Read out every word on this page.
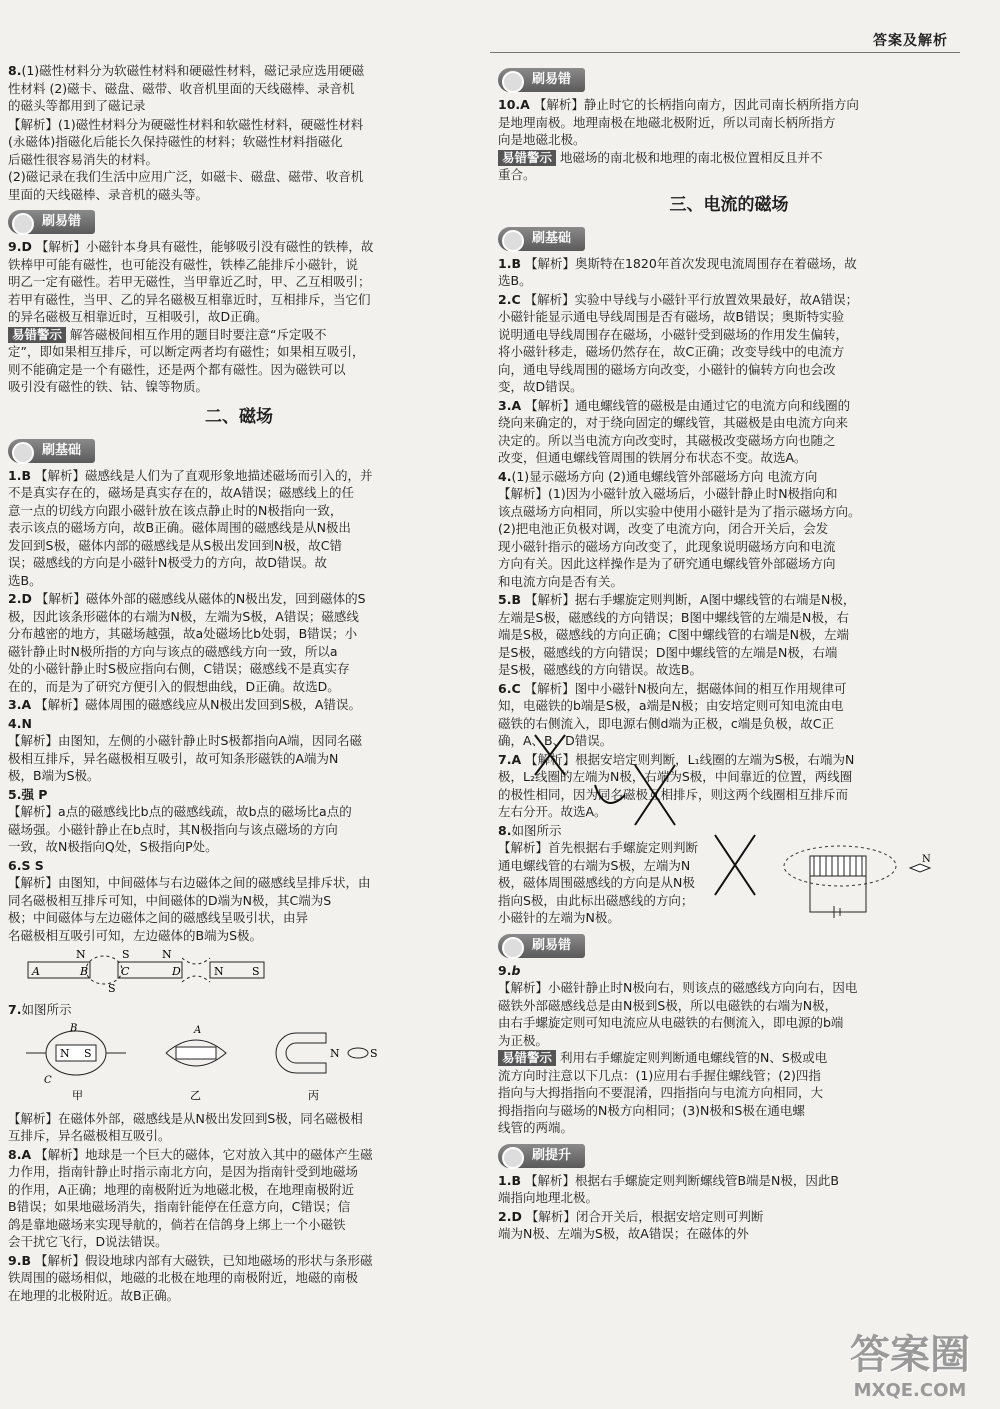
答案及解析
8.(1)磁性材料分为软磁性材料和硬磁性材料，磁记录应选用硬磁
性材料 (2)磁卡、磁盘、磁带、收音机里面的天线磁棒、录音机
的磁头等都用到了磁记录
【解析】(1)磁性材料分为硬磁性材料和软磁性材料，硬磁性材料
(永磁体)指磁化后能长久保持磁性的材料；软磁性材料指磁化
后磁性很容易消失的材料。
(2)磁记录在我们生活中应用广泛，如磁卡、磁盘、磁带、收音机
里面的天线磁棒、录音机的磁头等。
刷易错
9.D 【解析】小磁针本身具有磁性，能够吸引没有磁性的铁棒，故
铁棒甲可能有磁性，也可能没有磁性，铁棒乙能排斥小磁针，说
明乙一定有磁性。若甲无磁性，当甲靠近乙时，甲、乙互相吸引；
若甲有磁性，当甲、乙的异名磁极互相靠近时，互相排斥，当它们
的异名磁极互相靠近时，互相吸引，故D正确。
易错警示 解答磁极间相互作用的题目时要注意“斥定吸不
定”，即如果相互排斥，可以断定两者均有磁性；如果相互吸引，
则不能确定是一个有磁性，还是两个都有磁性。因为磁铁可以
吸引没有磁性的铁、钴、镍等物质。
二、磁场
刷基础
1.B 【解析】磁感线是人们为了直观形象地描述磁场而引入的，并
不是真实存在的，磁场是真实存在的，故A错误；磁感线上的任
意一点的切线方向跟小磁针放在该点静止时的N极指向一致，
表示该点的磁场方向，故B正确。磁体周围的磁感线是从N极出
发回到S极，磁体内部的磁感线是从S极出发回到N极，故C错
误；磁感线的方向是小磁针N极受力的方向，故D错误。故
选B。
2.D 【解析】磁体外部的磁感线从磁体的N极出发，回到磁体的S
极，因此该条形磁体的右端为N极，左端为S极，A错误；磁感线
分布越密的地方，其磁场越强，故a处磁场比b处弱，B错误；小
磁针静止时N极所指的方向与该点的磁感线方向一致，所以a
处的小磁针静止时S极应指向右侧，C错误；磁感线不是真实存
在的，而是为了研究方便引入的假想曲线，D正确。故选D。
3.A 【解析】磁体周围的磁感线应从N极出发回到S极，A错误。
4.N
【解析】由图知，左侧的小磁针静止时S极都指向A端，因同名磁
极相互排斥，异名磁极相互吸引，故可知条形磁铁的A端为N
极，B端为S极。
5.强 P
【解析】a点的磁感线比b点的磁感线疏，故b点的磁场比a点的
磁场强。小磁针静止在b点时，其N极指向与该点磁场的方向
一致，故N极指向Q处，S极指向P处。
6.S S
【解析】由图知，中间磁体与右边磁体之间的磁感线呈排斥状，由
同名磁极相互排斥可知，中间磁体的D端为N极，其C端为S
极；中间磁体与左边磁体之间的磁感线呈吸引状，由异
名磁极相互吸引可知，左边磁体的B端为S极。
N	S	N
A	B	C	D	N	S
S
7.如图所示
N S
B
C
甲
A
乙
N	S
丙
【解析】在磁体外部，磁感线是从N极出发回到S极，同名磁极相
互排斥，异名磁极相互吸引。
8.A 【解析】地球是一个巨大的磁体，它对放入其中的磁体产生磁
力作用，指南针静止时指示南北方向，是因为指南针受到地磁场
的作用，A正确；地理的南极附近为地磁北极，在地理南极附近
B错误；如果地磁场消失，指南针能停在任意方向，C错误；信
鸽是靠地磁场来实现导航的，倘若在信鸽身上绑上一个小磁铁
会干扰它飞行，D说法错误。
9.B 【解析】假设地球内部有大磁铁，已知地磁场的形状与条形磁
铁周围的磁场相似，地磁的北极在地理的南极附近，地磁的南极
在地理的北极附近。故B正确。
刷易错
10.A 【解析】静止时它的长柄指向南方，因此司南长柄所指方向
是地理南极。地理南极在地磁北极附近，所以司南长柄所指方
向是地磁北极。
易错警示 地磁场的南北极和地理的南北极位置相反且并不
重合。
三、电流的磁场
刷基础
1.B 【解析】奥斯特在1820年首次发现电流周围存在着磁场，故
选B。
2.C 【解析】实验中导线与小磁针平行放置效果最好，故A错误；
小磁针能显示通电导线周围是否有磁场，故B错误；奥斯特实验
说明通电导线周围存在磁场，小磁针受到磁场的作用发生偏转，
将小磁针移走，磁场仍然存在，故C正确；改变导线中的电流方
向，通电导线周围的磁场方向改变，小磁针的偏转方向也会改
变，故D错误。
3.A 【解析】通电螺线管的磁极是由通过它的电流方向和线圈的
绕向来确定的，对于绕向固定的螺线管，其磁极是由电流方向来
决定的。所以当电流方向改变时，其磁极改变磁场方向也随之
改变，但通电螺线管周围的铁屑分布状态不变。故选A。
4.(1)显示磁场方向 (2)通电螺线管外部磁场方向 电流方向
【解析】(1)因为小磁针放入磁场后，小磁针静止时N极指向和
该点磁场方向相同，所以实验中使用小磁针是为了指示磁场方向。
(2)把电池正负极对调，改变了电流方向，闭合开关后，会发
现小磁针指示的磁场方向改变了，此现象说明磁场方向和电流
方向有关。因此这样操作是为了研究通电螺线管外部磁场方向
和电流方向是否有关。
5.B 【解析】据右手螺旋定则判断，A图中螺线管的右端是N极，
左端是S极，磁感线的方向错误；B图中螺线管的左端是N极，右
端是S极，磁感线的方向正确；C图中螺线管的右端是N极，左端
是S极，磁感线的方向错误；D图中螺线管的左端是N极，右端
是S极，磁感线的方向错误。故选B。
6.C 【解析】图中小磁针N极向左，据磁体间的相互作用规律可
知，电磁铁的b端是S极，a端是N极；由安培定则可知电流由电
磁铁的右侧流入，即电源右侧d端为正极，c端是负极，故C正
确，A、B、D错误。
7.A 【解析】根据安培定则判断，L₁线圈的左端为S极，右端为N
极，L₂线圈的左端为N极，右端为S极，中间靠近的位置，两线圈
的极性相同，因为同名磁极互相排斥，则这两个线圈相互排斥而
左右分开。故选A。
8.如图所示
【解析】首先根据右手螺旋定则判断
通电螺线管的右端为S极，左端为N
极，磁体周围磁感线的方向是从N极
指向S极，由此标出磁感线的方向；
小磁针的左端为N极。
N
刷易错
9.b
【解析】小磁针静止时N极向右，则该点的磁感线方向向右，因电
磁铁外部磁感线总是由N极到S极，所以电磁铁的右端为N极，
由右手螺旋定则可知电流应从电磁铁的右侧流入，即电源的b端
为正极。
易错警示 利用右手螺旋定则判断通电螺线管的N、S极或电
流方向时注意以下几点：(1)应用右手握住螺线管；(2)四指
指向与大拇指指向不要混淆，四指指向与电流方向相同，大
拇指指向与磁场的N极方向相同；(3)N极和S极在通电螺
线管的两端。
刷提升
1.B 【解析】根据右手螺旋定则判断螺线管B端是N极，因此B
端指向地理北极。
2.D 【解析】闭合开关后，根据安培定则可判断
端为N极、左端为S极，故A错误；在磁体的外
答案圈
MXQE.COM
